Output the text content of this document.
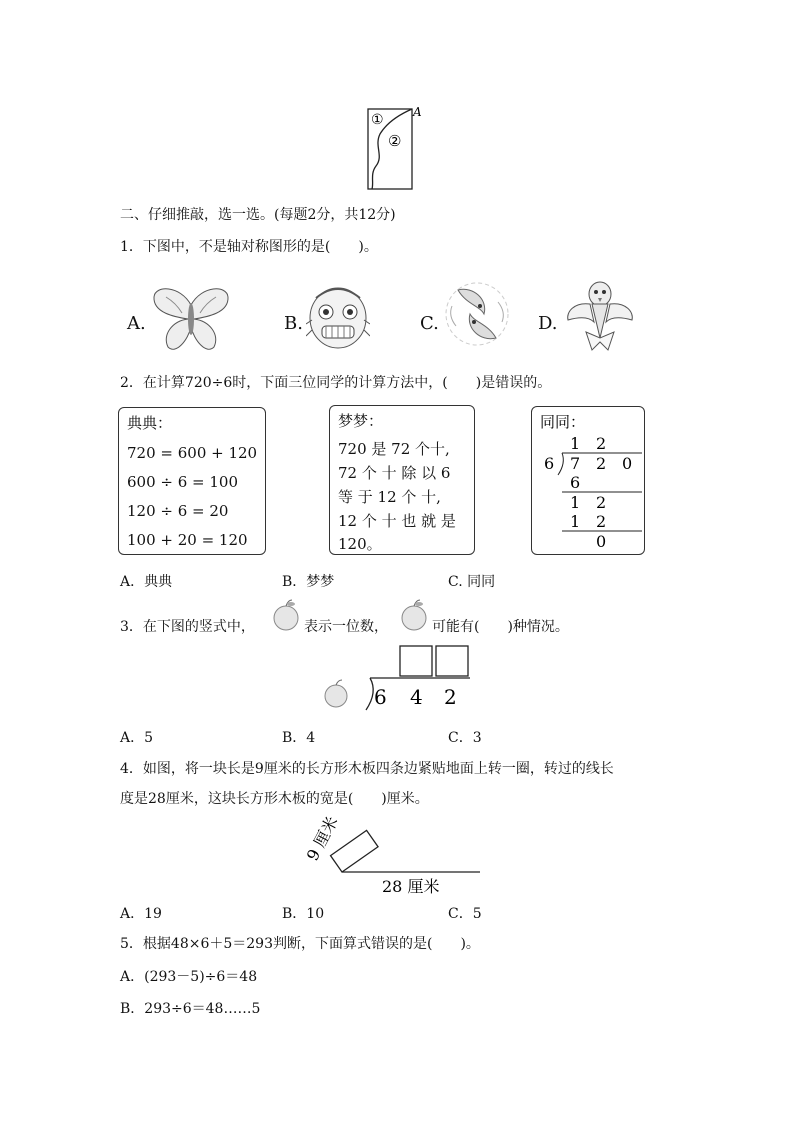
①
②
A
二、仔细推敲，选一选。(每题2分，共12分)
1．下图中，不是轴对称图形的是(　　)。
A.	B.	C.	D.
2．在计算720÷6时，下面三位同学的计算方法中，(　　)是错误的。
典典：
720 = 600 + 120
600 ÷ 6 = 100
120 ÷ 6 = 20
100 + 20 = 120
梦梦：
720 是 72 个十,
72 个 十 除 以 6
等 于 12 个 十,
12 个 十 也 就 是
120。
同同：
1 2
6 7 2 0
6
1 2
1 2
0
A．典典	B．梦梦	C. 同同
3．在下图的竖式中，	表示一位数，	可能有(　　)种情况。
6 4 2
A．5	B．4	C．3
4．如图，将一块长是9厘米的长方形木板四条边紧贴地面上转一圈，转过的线长
度是28厘米，这块长方形木板的宽是(　　)厘米。
9 厘米
28 厘米
A．19	B．10	C．5
5．根据48×6＋5＝293判断，下面算式错误的是(　　)。
A．(293－5)÷6＝48
B．293÷6＝48……5
